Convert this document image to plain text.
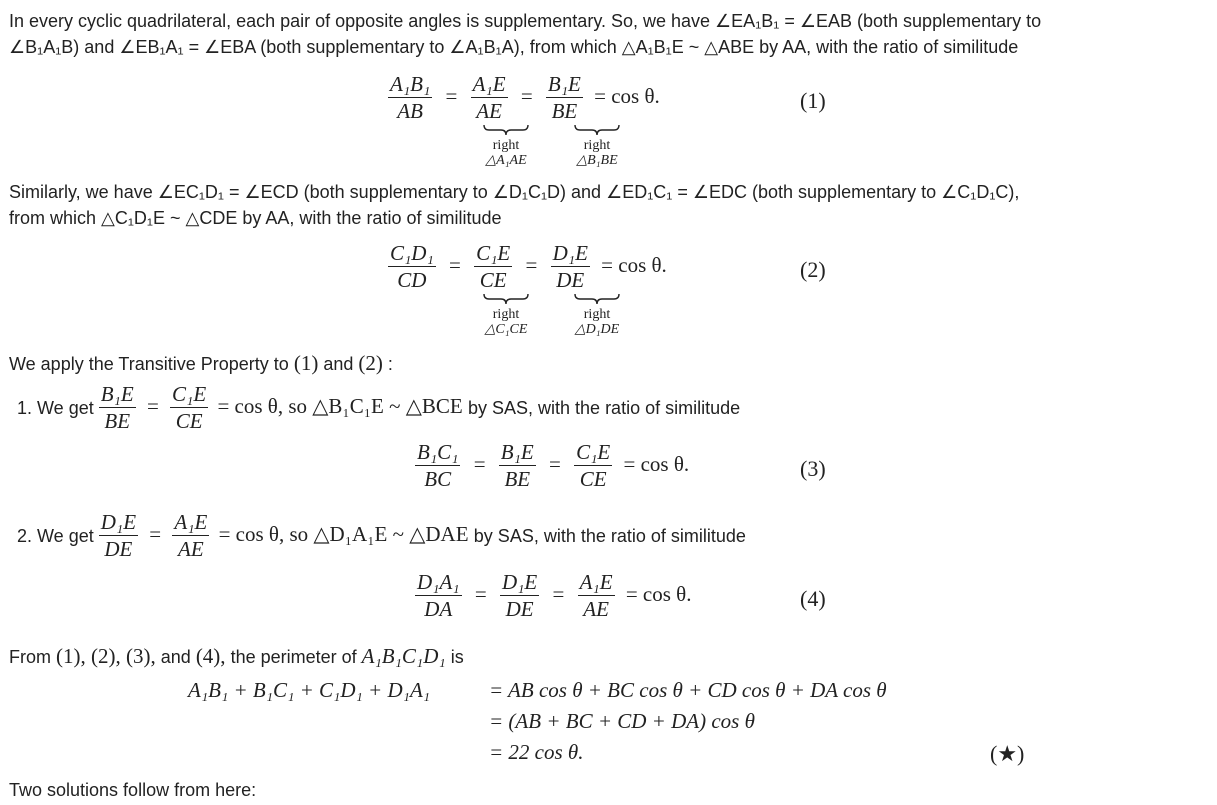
In every cyclic quadrilateral, each pair of opposite angles is supplementary. So, we have ∠EA₁B₁ = ∠EAB (both supplementary to
∠B₁A₁B) and ∠EB₁A₁ = ∠EBA (both supplementary to ∠A₁B₁A), from which △A₁B₁E ~ △ABE by AA, with the ratio of similitude
$\frac{\text{A₁B₁}}{AB} = \frac{\text{A₁E}}{AE} = \frac{\text{B₁E}}{BE} = \cos \theta$.	(1)
right
△A₁AE
right
△B₁BE
Similarly, we have ∠EC₁D₁ = ∠ECD (both supplementary to ∠D₁C₁D) and ∠ED₁C₁ = ∠EDC (both supplementary to ∠C₁D₁C),
from which △C₁D₁E ~ △CDE by AA, with the ratio of similitude
$\frac{\text{C₁D₁}}{CD} = \frac{\text{C₁E}}{CE} = \frac{\text{D₁E}}{DE} = \cos \theta$.	(2)
right
△C₁CE
right
△D₁DE
We apply the Transitive Property to (1) and (2) :
1. We get $\frac{\text{B₁E}}{BE} = \frac{\text{C₁E}}{CE} = \cos \theta$, so △B₁C₁E ~ △BCE by SAS, with the ratio of similitude
$\frac{\text{B₁C₁}}{BC} = \frac{\text{B₁E}}{BE} = \frac{\text{C₁E}}{CE} = \cos \theta$.	(3)
2. We get $\frac{\text{D₁E}}{DE} = \frac{\text{A₁E}}{AE} = \cos \theta$, so △D₁A₁E ~ △DAE by SAS, with the ratio of similitude
$\frac{\text{D₁A₁}}{DA} = \frac{\text{D₁E}}{DE} = \frac{\text{A₁E}}{AE} = \cos \theta$.	(4)
From (1), (2), (3), and (4), the perimeter of A₁B₁C₁D₁ is
A₁B₁ + B₁C₁ + C₁D₁ + D₁A₁	= AB cos θ + BC cos θ + CD cos θ + DA cos θ
= (AB + BC + CD + DA) cos θ
= 22 cos θ.	(★)
Two solutions follow from here:
